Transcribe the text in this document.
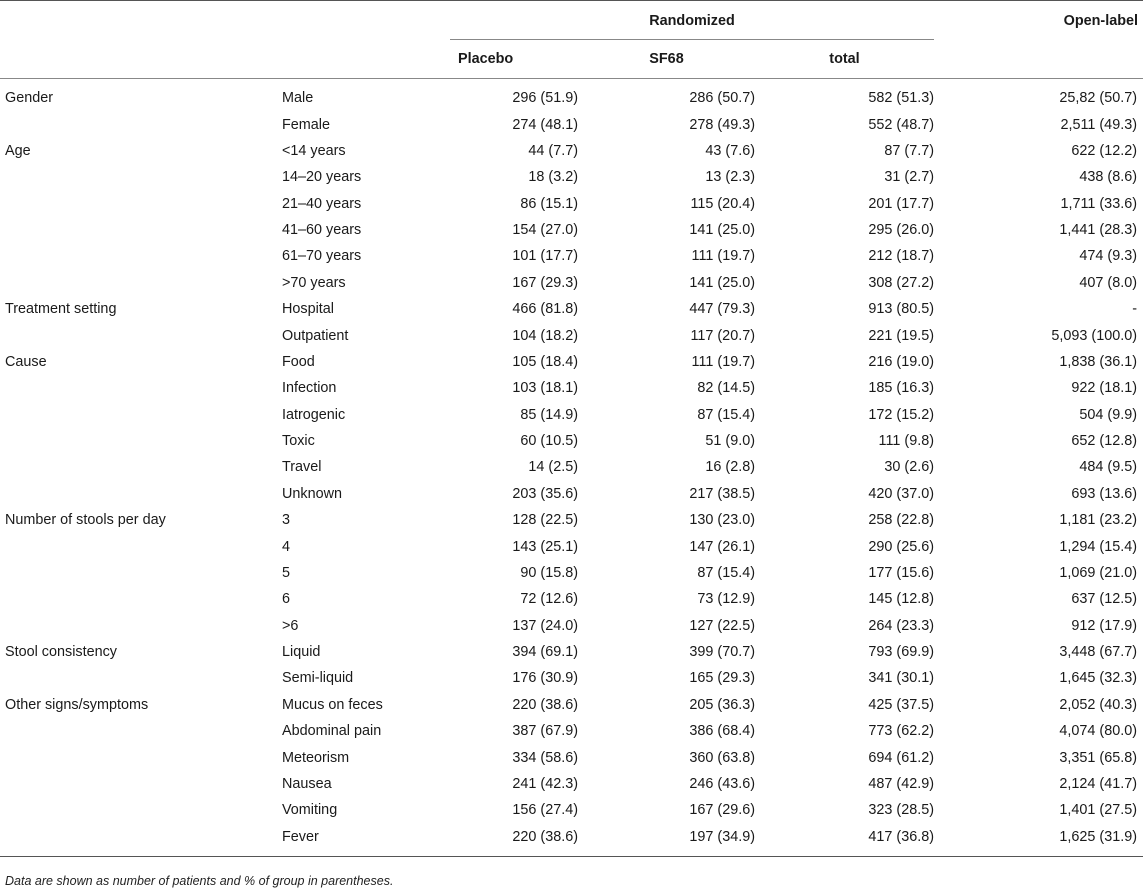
		Randomized			Open-label
		Placebo	SF68	total	
Gender	Male	296 (51.9)	286 (50.7)	582 (51.3)	25,82 (50.7)
	Female	274 (48.1)	278 (49.3)	552 (48.7)	2,511 (49.3)
Age	<14 years	44 (7.7)	43 (7.6)	87 (7.7)	622 (12.2)
	14–20 years	18 (3.2)	13 (2.3)	31 (2.7)	438 (8.6)
	21–40 years	86 (15.1)	115 (20.4)	201 (17.7)	1,711 (33.6)
	41–60 years	154 (27.0)	141 (25.0)	295 (26.0)	1,441 (28.3)
	61–70 years	101 (17.7)	111 (19.7)	212 (18.7)	474 (9.3)
	>70 years	167 (29.3)	141 (25.0)	308 (27.2)	407 (8.0)
Treatment setting	Hospital	466 (81.8)	447 (79.3)	913 (80.5)	-
	Outpatient	104 (18.2)	117 (20.7)	221 (19.5)	5,093 (100.0)
Cause	Food	105 (18.4)	111 (19.7)	216 (19.0)	1,838 (36.1)
	Infection	103 (18.1)	82 (14.5)	185 (16.3)	922 (18.1)
	Iatrogenic	85 (14.9)	87 (15.4)	172 (15.2)	504 (9.9)
	Toxic	60 (10.5)	51 (9.0)	111 (9.8)	652 (12.8)
	Travel	14 (2.5)	16 (2.8)	30 (2.6)	484 (9.5)
	Unknown	203 (35.6)	217 (38.5)	420 (37.0)	693 (13.6)
Number of stools per day	3	128 (22.5)	130 (23.0)	258 (22.8)	1,181 (23.2)
	4	143 (25.1)	147 (26.1)	290 (25.6)	1,294 (15.4)
	5	90 (15.8)	87 (15.4)	177 (15.6)	1,069 (21.0)
	6	72 (12.6)	73 (12.9)	145 (12.8)	637 (12.5)
	>6	137 (24.0)	127 (22.5)	264 (23.3)	912 (17.9)
Stool consistency	Liquid	394 (69.1)	399 (70.7)	793 (69.9)	3,448 (67.7)
	Semi-liquid	176 (30.9)	165 (29.3)	341 (30.1)	1,645 (32.3)
Other signs/symptoms	Mucus on feces	220 (38.6)	205 (36.3)	425 (37.5)	2,052 (40.3)
	Abdominal pain	387 (67.9)	386 (68.4)	773 (62.2)	4,074 (80.0)
	Meteorism	334 (58.6)	360 (63.8)	694 (61.2)	3,351 (65.8)
	Nausea	241 (42.3)	246 (43.6)	487 (42.9)	2,124 (41.7)
	Vomiting	156 (27.4)	167 (29.6)	323 (28.5)	1,401 (27.5)
	Fever	220 (38.6)	197 (34.9)	417 (36.8)	1,625 (31.9)
Data are shown as number of patients and % of group in parentheses.
